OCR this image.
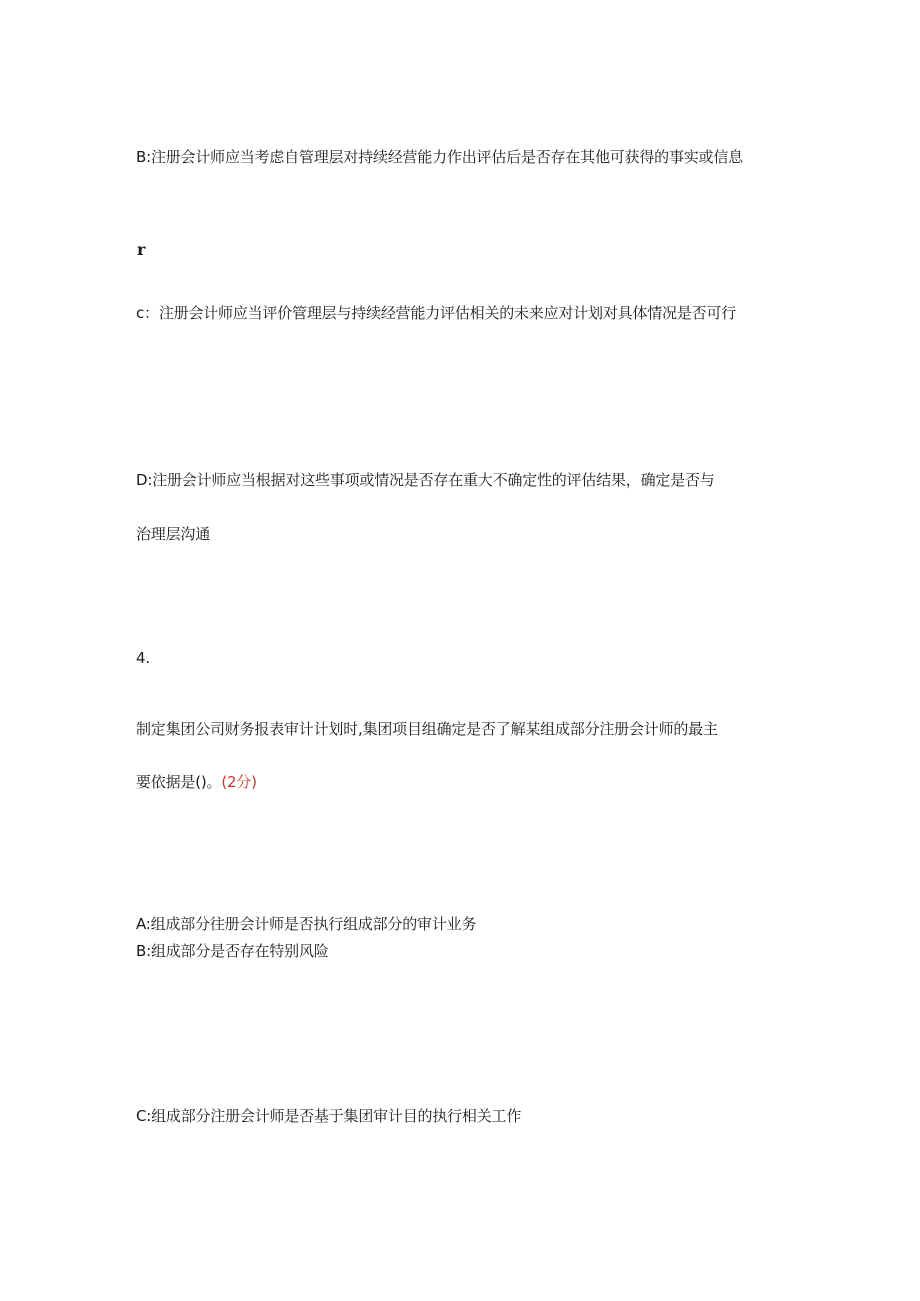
B:注册会计师应当考虑自管理层对持续经营能力作出评估后是否存在其他可获得的事实或信息
r
c：注册会计师应当评价管理层与持续经营能力评估相关的未来应对计划对具体情况是否可行
D:注册会计师应当根据对这些事项或情况是否存在重大不确定性的评估结果，确定是否与
治理层沟通
4.
制定集团公司财务报表审计计划时,集团项目组确定是否了解某组成部分注册会计师的最主
要依据是()。(2分)
A:组成部分往册会计师是否执行组成部分的审计业务
B:组成部分是否存在特别风险
C:组成部分注册会计师是否基于集团审计目的执行相关工作
